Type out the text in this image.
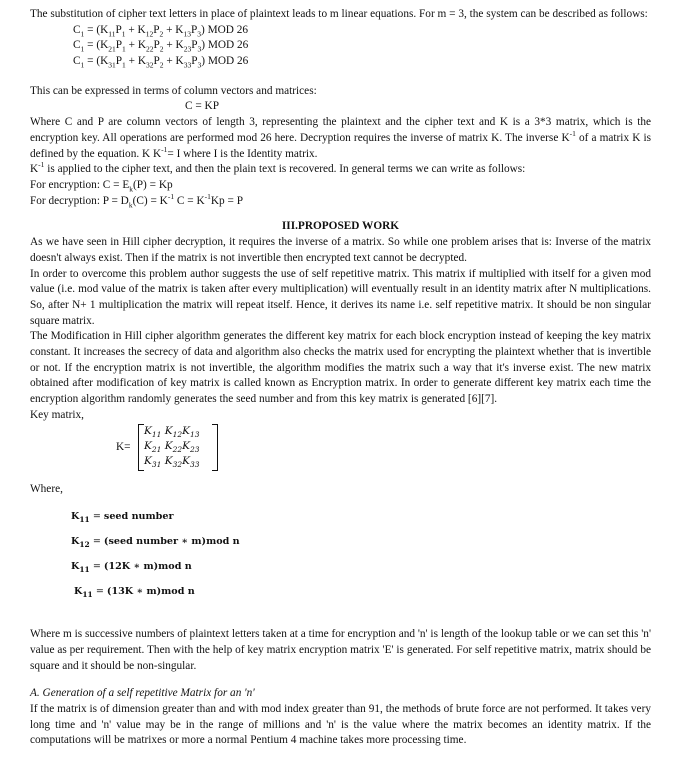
The substitution of cipher text letters in place of plaintext leads to m linear equations. For m = 3, the system can be described as follows:

$C_1 = (K_{11}P_1 + K_{12}P_2 + K_{13}P_3)$ MOD 26
$C_1 = (K_{21}P_1 + K_{22}P_2 + K_{23}P_3)$ MOD 26
$C_1 = (K_{31}P_1 + K_{32}P_2 + K_{33}P_3)$ MOD 26

This can be expressed in terms of column vectors and matrices:

C = KP

Where C and P are column vectors of length 3, representing the plaintext and the cipher text and K is a 3*3 matrix, which is the encryption key. All operations are performed mod 26 here. Decryption requires the inverse of matrix K. The inverse $K^{-1}$ of a matrix K is defined by the equation. K $K^{-1}= I$ where I is the Identity matrix.

$K^{-1}$ is applied to the cipher text, and then the plain text is recovered. In general terms we can write as follows:

For encryption: $C = E_k(P) = Kp$

For decryption: $P = D_k(C) = K^{-1}$ $C = K^{-1}Kp = P$

III.PROPOSED WORK

As we have seen in Hill cipher decryption, it requires the inverse of a matrix. So while one problem arises that is: Inverse of the matrix doesn't always exist. Then if the matrix is not invertible then encrypted text cannot be decrypted.

In order to overcome this problem author suggests the use of self repetitive matrix. This matrix if multiplied with itself for a given mod value (i.e. mod value of the matrix is taken after every multiplication) will eventually result in an identity matrix after N multiplications. So, after N+ 1 multiplication the matrix will repeat itself. Hence, it derives its name i.e. self repetitive matrix. It should be non singular square matrix.

The Modification in Hill cipher algorithm generates the different key matrix for each block encryption instead of keeping the key matrix constant. It increases the secrecy of data and algorithm also checks the matrix used for encrypting the plaintext whether that is invertible or not. If the encryption matrix is not invertible, the algorithm modifies the matrix such a way that it's inverse exist. The new matrix obtained after modification of key matrix is called known as Encryption matrix. In order to generate different key matrix each time the encryption algorithm randomly generates the seed number and from this key matrix is generated [6][7].

Key matrix,

K=
$K_{11}$ $K_{12}K_{13}$
$K_{21}$ $K_{22}K_{23}$
$K_{31}$ $K_{32}K_{33}$

Where,

$K_{11}$ = seed number
$K_{12}$ = (seed number ∗ m)mod n
$K_{11} = (12K$ ∗ m)mod n
$K_{11} = (13K$ ∗ m)mod n

Where m is successive numbers of plaintext letters taken at a time for encryption and 'n' is length of the lookup table or we can set this 'n' value as per requirement. Then with the help of key matrix encryption matrix 'E' is generated. For self repetitive matrix, matrix should be square and it should be non-singular.

A. Generation of a self repetitive Matrix for an 'n'

If the matrix is of dimension greater than and with mod index greater than 91, the methods of brute force are not performed. It takes very long time and 'n' value may be in the range of millions and 'n' is the value where the matrix becomes an identity matrix. If the computations will be matrixes or more a normal Pentium 4 machine takes more processing time.
